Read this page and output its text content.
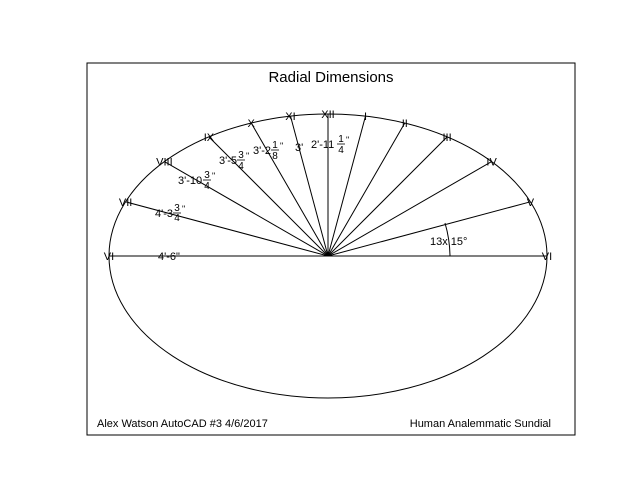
Radial Dimensions
VI
VII
VIII
IX
X
XI XII	I
II
III
IV
V
VI
4'-6"
4'-3 3
4
"
3'-10 3
4
"
3'-5 3
4
" 3'-2 1
8
" 3' 2'-11 1
4
"
13x 15°
Alex Watson AutoCAD #3 4/6/2017	Human Analemmatic Sundial
